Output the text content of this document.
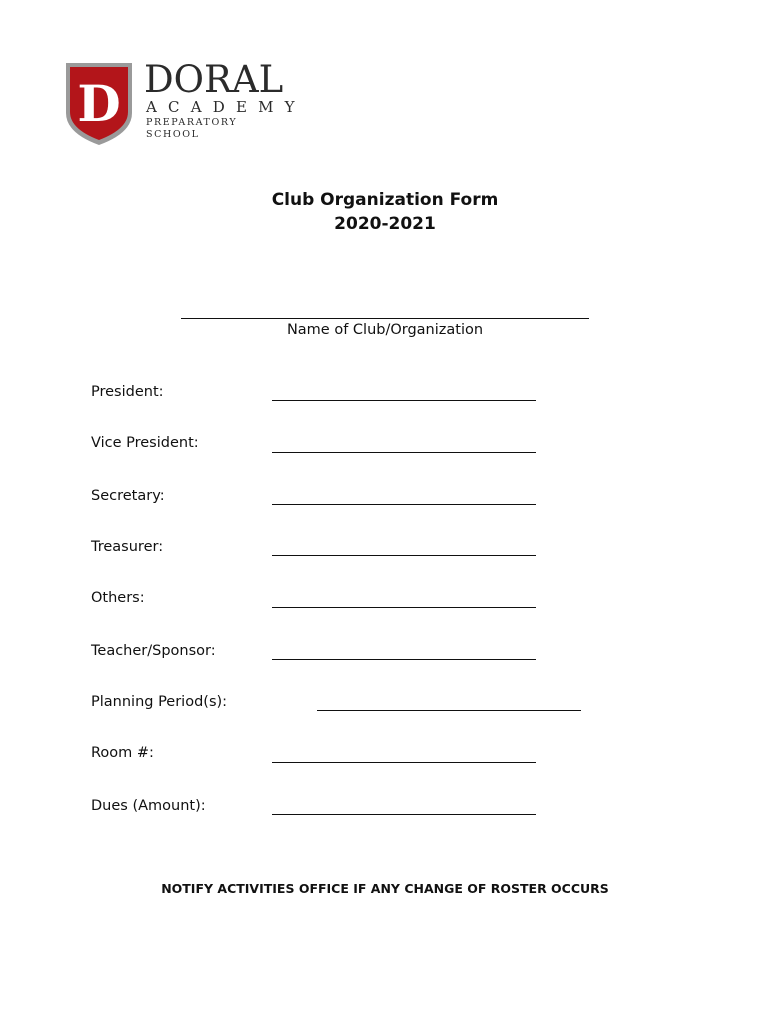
D DORAL
ACADEMY
PREPARATORY SCHOOL
Club Organization Form
2020-2021
Name of Club/Organization
President:
Vice President:
Secretary:
Treasurer:
Others:
Teacher/Sponsor:
Planning Period(s):
Room #:
Dues (Amount):
NOTIFY ACTIVITIES OFFICE IF ANY CHANGE OF ROSTER OCCURS
